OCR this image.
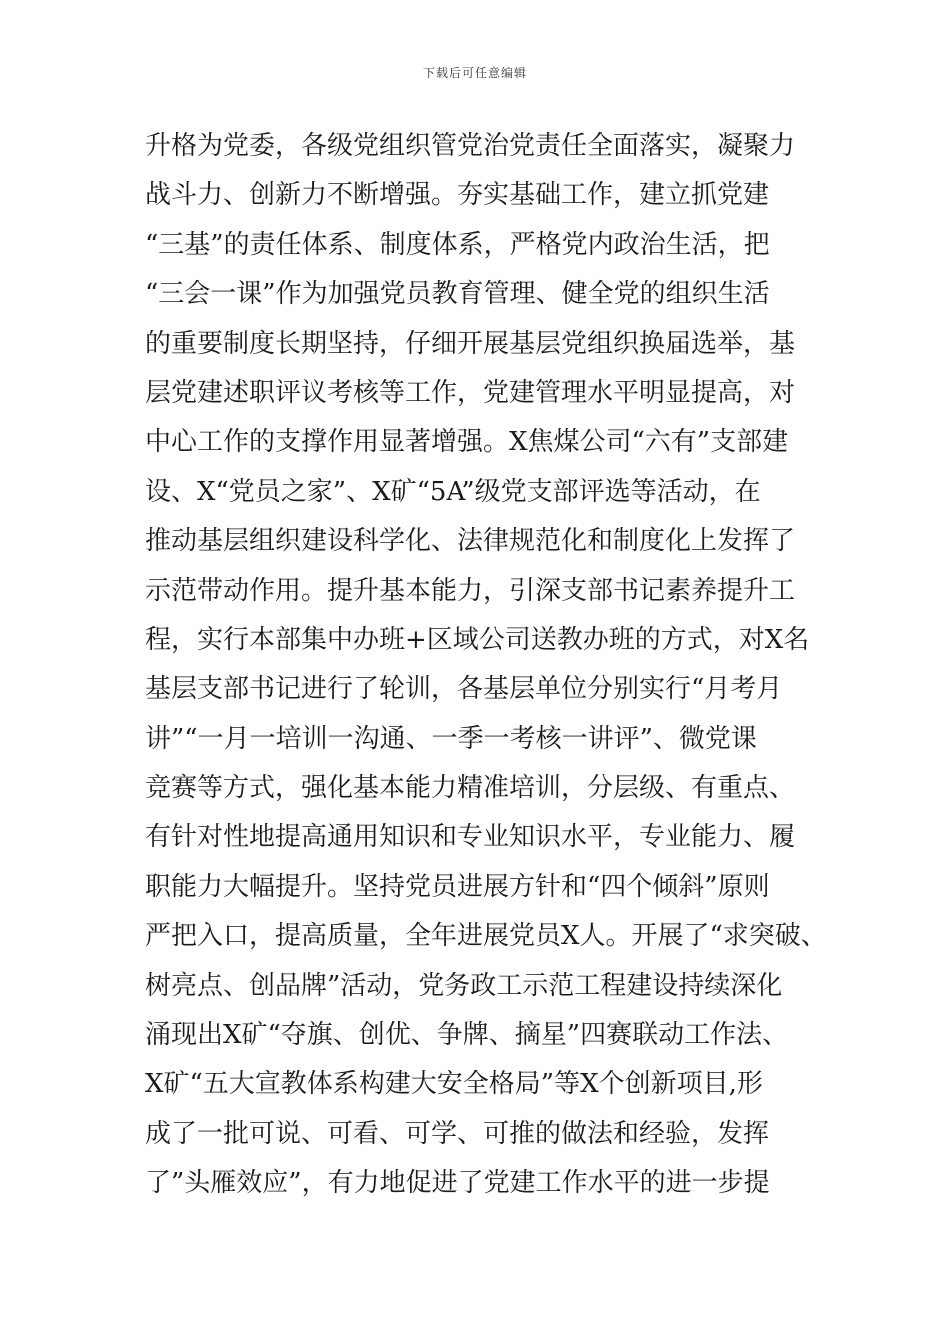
下载后可任意编辑
升格为党委，各级党组织管党治党责任全面落实，凝聚力
战斗力、创新力不断增强。夯实基础工作，建立抓党建
“三基”的责任体系、制度体系，严格党内政治生活，把
“三会一课”作为加强党员教育管理、健全党的组织生活
的重要制度长期坚持，仔细开展基层党组织换届选举，基
层党建述职评议考核等工作，党建管理水平明显提高，对
中心工作的支撑作用显著增强。X焦煤公司“六有”支部建
设、X“党员之家”、X矿“5A”级党支部评选等活动，在
推动基层组织建设科学化、法律规范化和制度化上发挥了
示范带动作用。提升基本能力，引深支部书记素养提升工
程，实行本部集中办班+区域公司送教办班的方式，对X名
基层支部书记进行了轮训，各基层单位分别实行“月考月
讲”“一月一培训一沟通、一季一考核一讲评”、微党课
竞赛等方式，强化基本能力精准培训，分层级、有重点、
有针对性地提高通用知识和专业知识水平，专业能力、履
职能力大幅提升。坚持党员进展方针和“四个倾斜”原则
严把入口，提高质量，全年进展党员X人。开展了“求突破、
树亮点、创品牌”活动，党务政工示范工程建设持续深化
涌现出X矿“夺旗、创优、争牌、摘星”四赛联动工作法、
X矿“五大宣教体系构建大安全格局”等X个创新项目,形
成了一批可说、可看、可学、可推的做法和经验，发挥
了”头雁效应”，有力地促进了党建工作水平的进一步提
